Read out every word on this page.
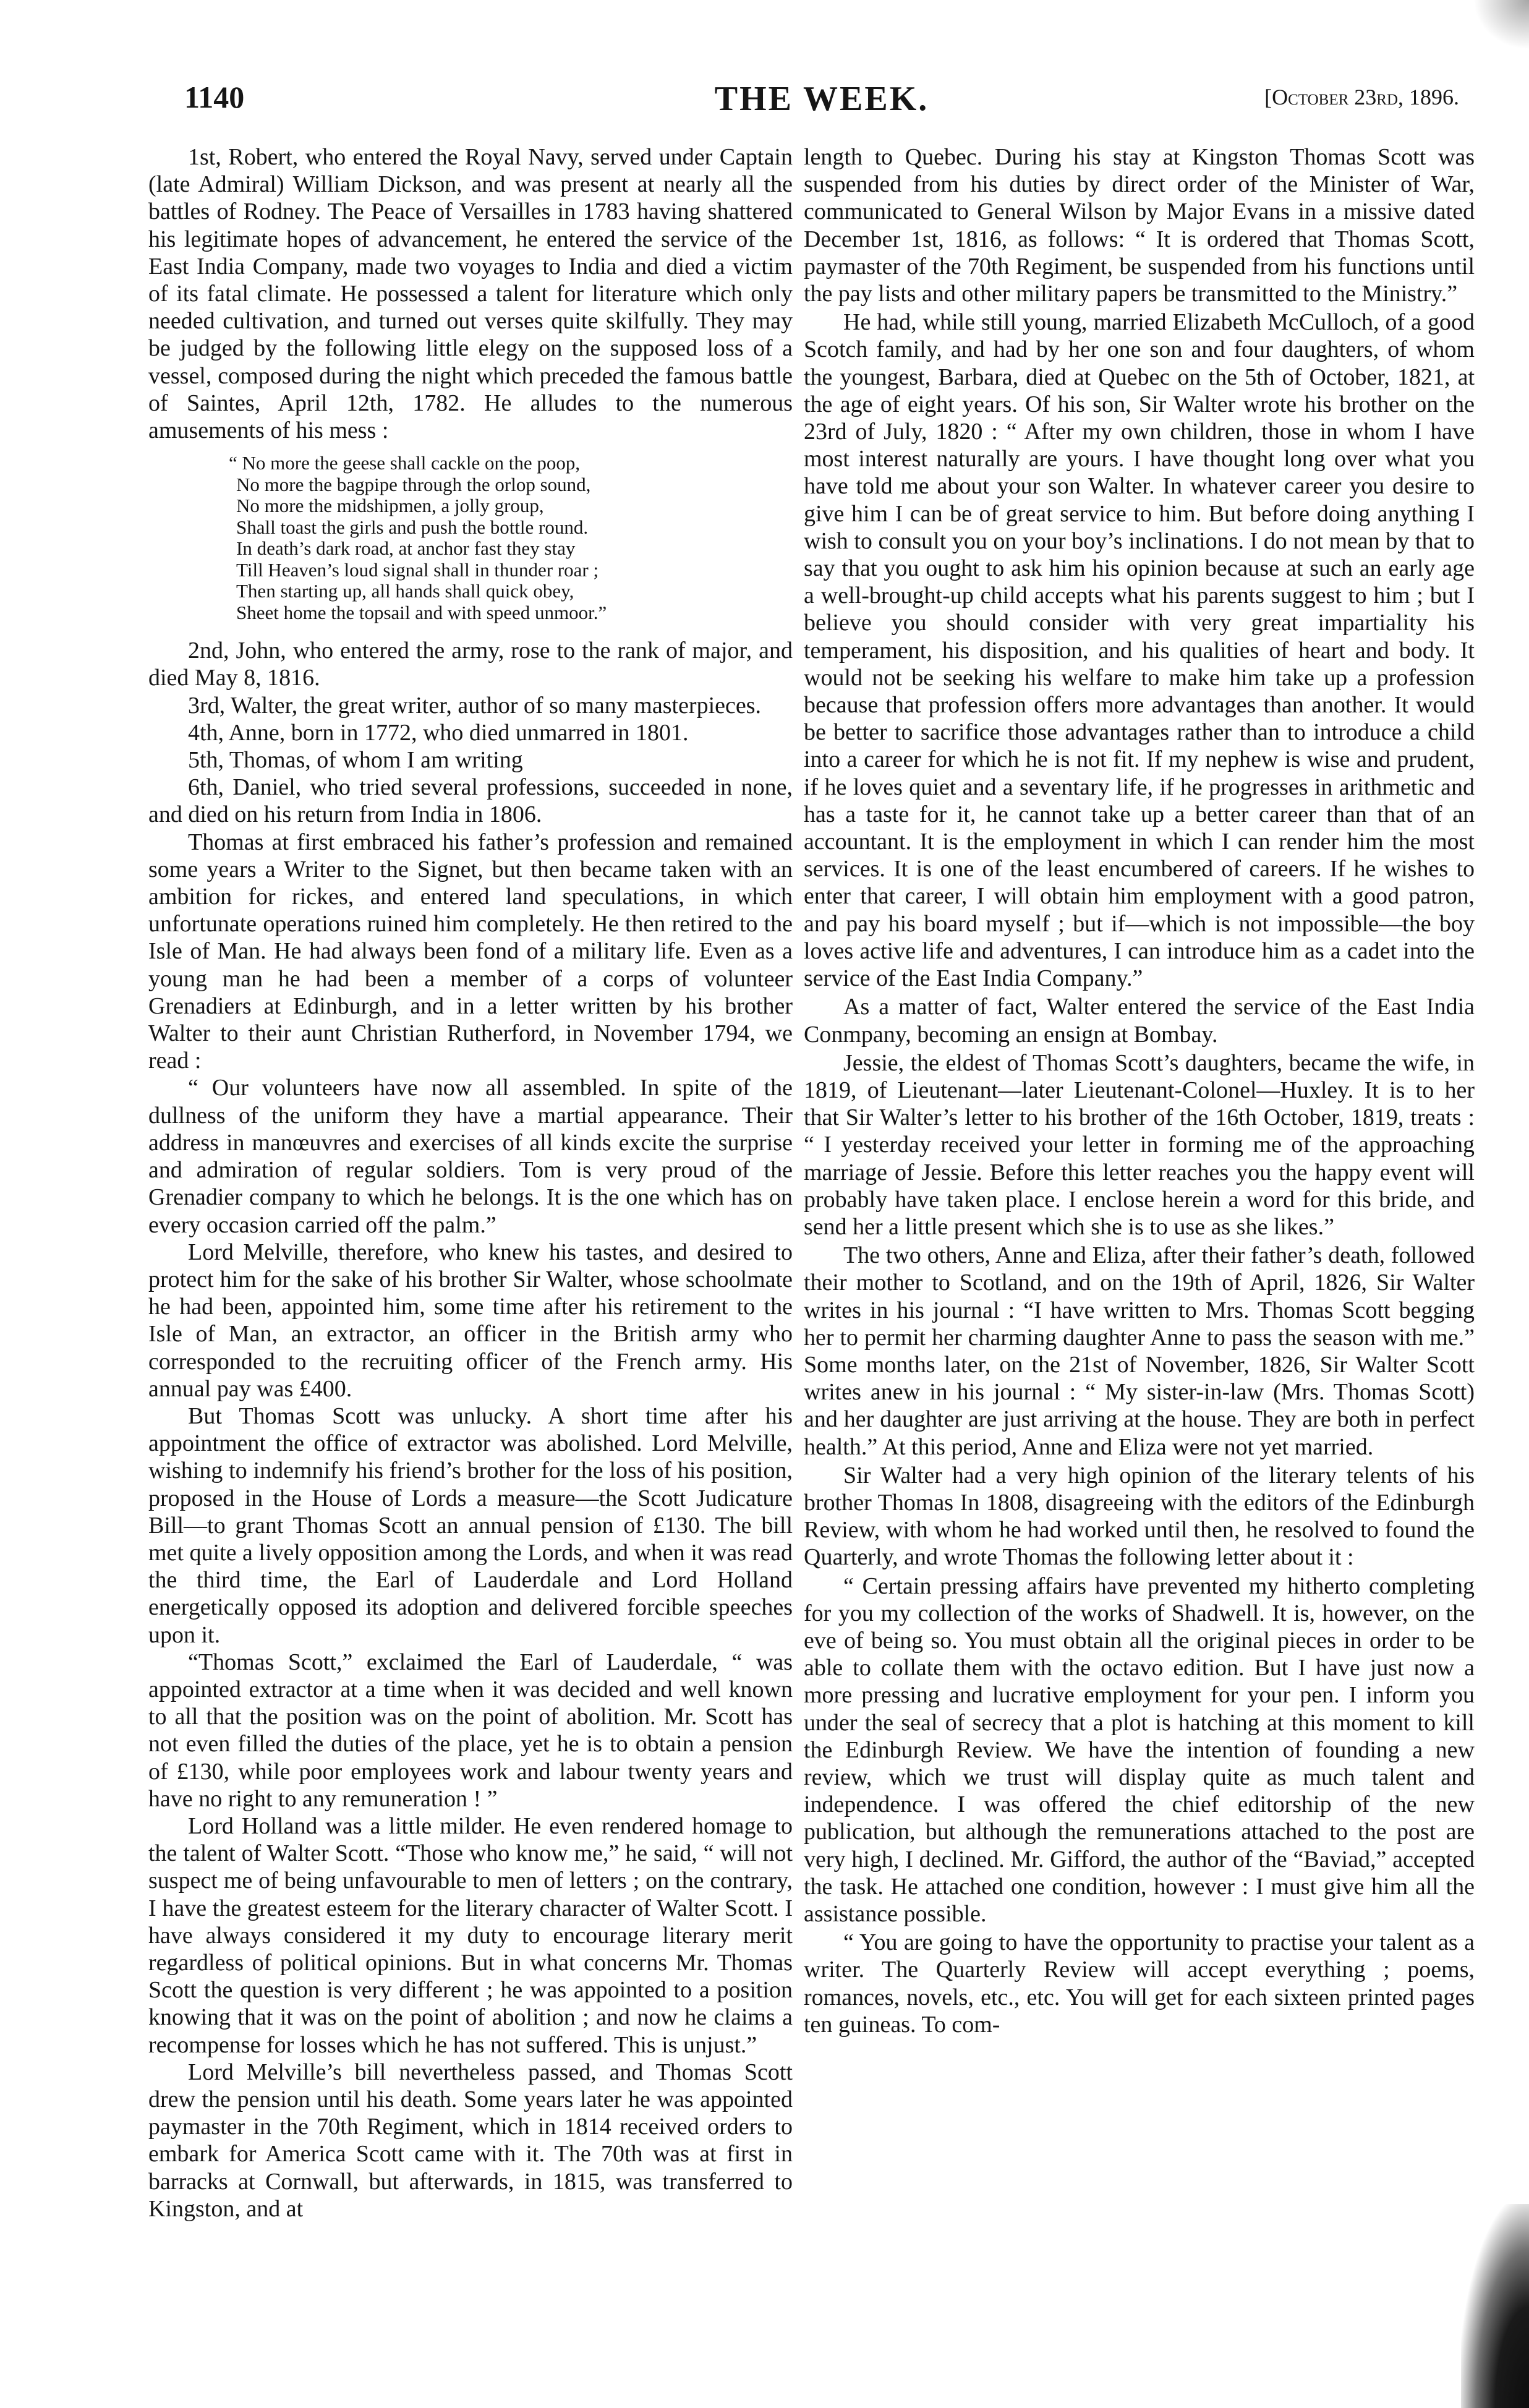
1140	THE WEEK.	[October 23rd, 1896.

1st, Robert, who entered the Royal Navy, served under Captain (late Admiral) William Dickson, and was present at nearly all the battles of Rodney. The Peace of Versailles in 1783 having shattered his legitimate hopes of advancement, he entered the service of the East India Company, made two voyages to India and died a victim of its fatal climate. He possessed a talent for literature which only needed cultivation, and turned out verses quite skilfully. They may be judged by the following little elegy on the supposed loss of a vessel, composed during the night which preceded the famous battle of Saintes, April 12th, 1782. He alludes to the numerous amusements of his mess :

“ No more the geese shall cackle on the poop,
No more the bagpipe through the orlop sound,
No more the midshipmen, a jolly group,
Shall toast the girls and push the bottle round.
In death’s dark road, at anchor fast they stay
Till Heaven’s loud signal shall in thunder roar ;
Then starting up, all hands shall quick obey,
Sheet home the topsail and with speed unmoor.”

2nd, John, who entered the army, rose to the rank of major, and died May 8, 1816.

3rd, Walter, the great writer, author of so many masterpieces.

4th, Anne, born in 1772, who died unmarred in 1801.

5th, Thomas, of whom I am writing

6th, Daniel, who tried several professions, succeeded in none, and died on his return from India in 1806.

Thomas at first embraced his father’s profession and remained some years a Writer to the Signet, but then became taken with an ambition for rickes, and entered land speculations, in which unfortunate operations ruined him completely. He then retired to the Isle of Man. He had always been fond of a military life. Even as a young man he had been a member of a corps of volunteer Grenadiers at Edinburgh, and in a letter written by his brother Walter to their aunt Christian Rutherford, in November 1794, we read :

“ Our volunteers have now all assembled. In spite of the dullness of the uniform they have a martial appearance. Their address in manœuvres and exercises of all kinds excite the surprise and admiration of regular soldiers. Tom is very proud of the Grenadier company to which he belongs. It is the one which has on every occasion carried off the palm.”

Lord Melville, therefore, who knew his tastes, and desired to protect him for the sake of his brother Sir Walter, whose schoolmate he had been, appointed him, some time after his retirement to the Isle of Man, an extractor, an officer in the British army who corresponded to the recruiting officer of the French army. His annual pay was £400.

But Thomas Scott was unlucky. A short time after his appointment the office of extractor was abolished. Lord Melville, wishing to indemnify his friend’s brother for the loss of his position, proposed in the House of Lords a measure—the Scott Judicature Bill—to grant Thomas Scott an annual pension of £130. The bill met quite a lively opposition among the Lords, and when it was read the third time, the Earl of Lauderdale and Lord Holland energetically opposed its adoption and delivered forcible speeches upon it.

“Thomas Scott,” exclaimed the Earl of Lauderdale, “ was appointed extractor at a time when it was decided and well known to all that the position was on the point of abolition. Mr. Scott has not even filled the duties of the place, yet he is to obtain a pension of £130, while poor employees work and labour twenty years and have no right to any remuneration ! ”

Lord Holland was a little milder. He even rendered homage to the talent of Walter Scott. “Those who know me,” he said, “ will not suspect me of being unfavourable to men of letters ; on the contrary, I have the greatest esteem for the literary character of Walter Scott. I have always considered it my duty to encourage literary merit regardless of political opinions. But in what concerns Mr. Thomas Scott the question is very different ; he was appointed to a position knowing that it was on the point of abolition ; and now he claims a recompense for losses which he has not suffered. This is unjust.”

Lord Melville’s bill nevertheless passed, and Thomas Scott drew the pension until his death. Some years later he was appointed paymaster in the 70th Regiment, which in 1814 received orders to embark for America Scott came with it. The 70th was at first in barracks at Cornwall, but afterwards, in 1815, was transferred to Kingston, and at

length to Quebec. During his stay at Kingston Thomas Scott was suspended from his duties by direct order of the Minister of War, communicated to General Wilson by Major Evans in a missive dated December 1st, 1816, as follows: “ It is ordered that Thomas Scott, paymaster of the 70th Regiment, be suspended from his functions until the pay lists and other military papers be transmitted to the Ministry.”

He had, while still young, married Elizabeth McCulloch, of a good Scotch family, and had by her one son and four daughters, of whom the youngest, Barbara, died at Quebec on the 5th of October, 1821, at the age of eight years. Of his son, Sir Walter wrote his brother on the 23rd of July, 1820 : “ After my own children, those in whom I have most interest naturally are yours. I have thought long over what you have told me about your son Walter. In whatever career you desire to give him I can be of great service to him. But before doing anything I wish to consult you on your boy’s inclinations. I do not mean by that to say that you ought to ask him his opinion because at such an early age a well-brought-up child accepts what his parents suggest to him ; but I believe you should consider with very great impartiality his temperament, his disposition, and his qualities of heart and body. It would not be seeking his welfare to make him take up a profession because that profession offers more advantages than another. It would be better to sacrifice those advantages rather than to introduce a child into a career for which he is not fit. If my nephew is wise and prudent, if he loves quiet and a seventary life, if he progresses in arithmetic and has a taste for it, he cannot take up a better career than that of an accountant. It is the employment in which I can render him the most services. It is one of the least encumbered of careers. If he wishes to enter that career, I will obtain him employment with a good patron, and pay his board myself ; but if—which is not impossible—the boy loves active life and adventures, I can introduce him as a cadet into the service of the East India Company.”

As a matter of fact, Walter entered the service of the East India Conmpany, becoming an ensign at Bombay.

Jessie, the eldest of Thomas Scott’s daughters, became the wife, in 1819, of Lieutenant—later Lieutenant-Colonel—Huxley. It is to her that Sir Walter’s letter to his brother of the 16th October, 1819, treats : “ I yesterday received your letter in forming me of the approaching marriage of Jessie. Before this letter reaches you the happy event will probably have taken place. I enclose herein a word for this bride, and send her a little present which she is to use as she likes.”

The two others, Anne and Eliza, after their father’s death, followed their mother to Scotland, and on the 19th of April, 1826, Sir Walter writes in his journal : “I have written to Mrs. Thomas Scott begging her to permit her charming daughter Anne to pass the season with me.” Some months later, on the 21st of November, 1826, Sir Walter Scott writes anew in his journal : “ My sister-in-law (Mrs. Thomas Scott) and her daughter are just arriving at the house. They are both in perfect health.” At this period, Anne and Eliza were not yet married.

Sir Walter had a very high opinion of the literary telents of his brother Thomas In 1808, disagreeing with the editors of the Edinburgh Review, with whom he had worked until then, he resolved to found the Quarterly, and wrote Thomas the following letter about it :

“ Certain pressing affairs have prevented my hitherto completing for you my collection of the works of Shadwell. It is, however, on the eve of being so. You must obtain all the original pieces in order to be able to collate them with the octavo edition. But I have just now a more pressing and lucrative employment for your pen. I inform you under the seal of secrecy that a plot is hatching at this moment to kill the Edinburgh Review. We have the intention of founding a new review, which we trust will display quite as much talent and independence. I was offered the chief editorship of the new publication, but although the remunerations attached to the post are very high, I declined. Mr. Gifford, the author of the “Baviad,” accepted the task. He attached one condition, however : I must give him all the assistance possible.

“ You are going to have the opportunity to practise your talent as a writer. The Quarterly Review will accept everything ; poems, romances, novels, etc., etc. You will get for each sixteen printed pages ten guineas. To com-
